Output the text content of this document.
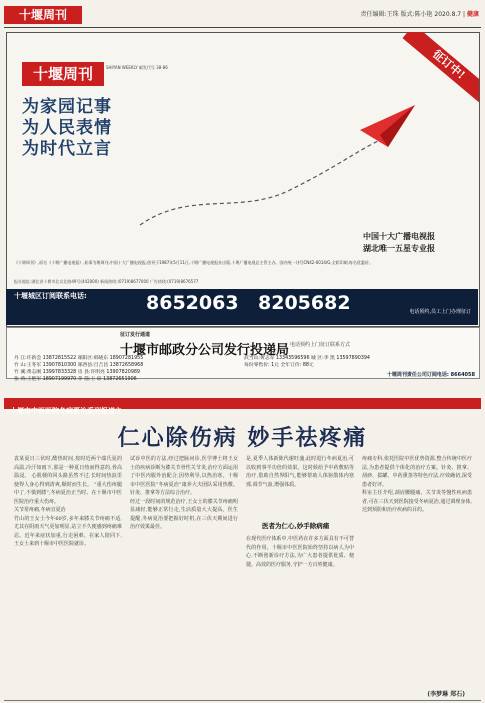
十堰周刊	责任编辑:王珠 版式:陈小艳 2020.8.7 | 健康
十堰周刊	SHIYAN WEEKLY 邮发代号 38-86
为家园记事
为人民表情
为时代立言
征订中!
中国十大广播电视报
湖北唯一五星专业报
《十堰周刊》,原名《十堰广播电视报》,始事为堰周刊,中国十大广播电视报,创刊于1987年5月11日,十堰广播电视报社出版,十堰广播电视总主管主办。国内统一刊号CN42-0014/G,全彩印刷,每名优惠价。
报社地址:湖北省十堰市北京北路49号(442000) 新闻热线:(0719)8677000 广告热线:(0719)8676577
十堰城区订阅联系电话:	8652063 8205682	电话预约,员工上门办理征订
征订发行通道
十堰市邮政分公司发行投递局 电话预约上门征订联系方式
丹 江:许新会 13872815522 郧阳区:韩晓东 18907281955
竹 山:王冬军 13907810300 郧西县:吕吉昌 13872658968
竹 溪:黄志刚 13997833328 房 县:许明亮 13907820989
张 湾:王艳军 18907199970 茅 箭:王 琼 13872651906
武当山:黄志军 13343596596 城 区:李 凯 13597890394
每份零售价: 1元 全年订价: 88元
十堰周刊责任公司订阅电话: 8664058
十堰市中医医院冬病夏治系列报道之
仁心除伤病 妙手祛疼痛
袁某夏日三伏时,酷热时间,按时近两个端氏夏的高温,冷汗如雨下,那是一种夏日热而得意的,骨高温浸。 心肌梗的回头路虽然不过,长时间热浪里使得人身心得到清爽,顺时而生长。 “重大伤疼腿中了,不慎到膝”,冬病夏治正当时。在十堰市中医医院治疗重大伤疼。
关节常疼痛,冬病宜夏治
竹山的王女士今年60岁,多年来膝关节疼痛不适,尤其在阴雨天气更加明显,站立不久便感到疼痛难忍。近年来症状加重,行走困难。在家人陪同下,王女士来到十堰市中医医院就诊。
试诊中医的方法,经过把脉问诊,医学博士将王女士的疾病诊断为膝关节骨性关节炎,治疗方面运用了中医内服外治配合,因势利导,以热治寒。十堰市中医医院“冬病夏治”康养大夫团队采用热敷、针灸、推拿等方法综合治疗。
经过一段时间的规范治疗,王女士的膝关节疼痛明显减轻,能够正常行走,生活质量大大提高。医生提醒,冬病夏治要把握好时机,在三伏天期间进行治疗效果最佳。
是,夏季人体新陈代谢旺盛,此时进行冬病夏治,可以收到事半功倍的效果。这时候给予中药敷贴等治疗,借助自然界阳气,能够帮助人体驱散体内寒邪,调节气血,增强体质。
医者为仁心,妙手除病痛
在现代医疗体系中,中医药在许多方面具有不可替代的作用。十堰市中医医院始终坚持以病人为中心,不断创新诊疗方法,为广大患者提供优质、便捷、高效的医疗服务,守护一方百姓健康。
疼痛专科,依托医院中医优势资源,整合传统中医疗法,为患者提供个体化的治疗方案。针灸、推拿、刮痧、拔罐、中药熏蒸等特色疗法,疗效确切,深受患者好评。
科室主任介绍,颈肩腰腿痛、关节炎等慢性疾病患者,可在三伏天到医院接受冬病夏治,通过调理身体,达到预防和治疗疾病的目的。
(李梦琳 郑石)
